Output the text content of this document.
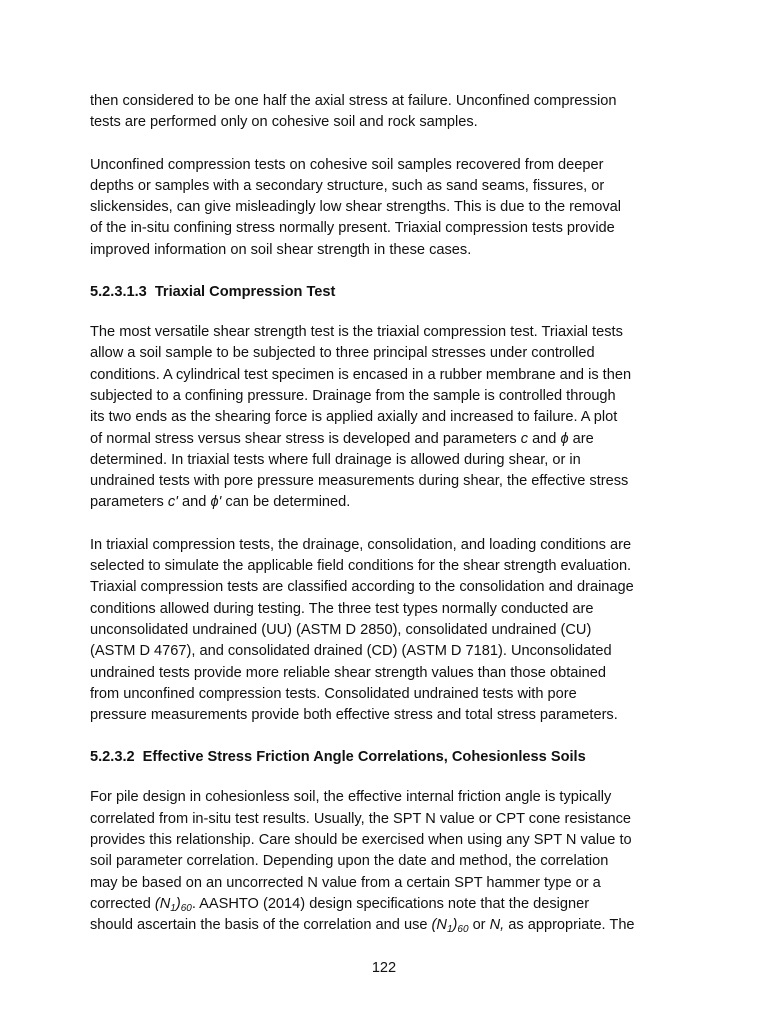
then considered to be one half the axial stress at failure. Unconfined compression
tests are performed only on cohesive soil and rock samples.

Unconfined compression tests on cohesive soil samples recovered from deeper
depths or samples with a secondary structure, such as sand seams, fissures, or
slickensides, can give misleadingly low shear strengths. This is due to the removal
of the in-situ confining stress normally present. Triaxial compression tests provide
improved information on soil shear strength in these cases.

5.2.3.1.3 Triaxial Compression Test

The most versatile shear strength test is the triaxial compression test. Triaxial tests
allow a soil sample to be subjected to three principal stresses under controlled
conditions. A cylindrical test specimen is encased in a rubber membrane and is then
subjected to a confining pressure. Drainage from the sample is controlled through
its two ends as the shearing force is applied axially and increased to failure. A plot
of normal stress versus shear stress is developed and parameters c and ϕ are
determined. In triaxial tests where full drainage is allowed during shear, or in
undrained tests with pore pressure measurements during shear, the effective stress
parameters c' and ϕ' can be determined.

In triaxial compression tests, the drainage, consolidation, and loading conditions are
selected to simulate the applicable field conditions for the shear strength evaluation.
Triaxial compression tests are classified according to the consolidation and drainage
conditions allowed during testing. The three test types normally conducted are
unconsolidated undrained (UU) (ASTM D 2850), consolidated undrained (CU)
(ASTM D 4767), and consolidated drained (CD) (ASTM D 7181). Unconsolidated
undrained tests provide more reliable shear strength values than those obtained
from unconfined compression tests. Consolidated undrained tests with pore
pressure measurements provide both effective stress and total stress parameters.

5.2.3.2 Effective Stress Friction Angle Correlations, Cohesionless Soils

For pile design in cohesionless soil, the effective internal friction angle is typically
correlated from in-situ test results. Usually, the SPT N value or CPT cone resistance
provides this relationship. Care should be exercised when using any SPT N value to
soil parameter correlation. Depending upon the date and method, the correlation
may be based on an uncorrected N value from a certain SPT hammer type or a
corrected $(N_1)_{60}$. AASHTO (2014) design specifications note that the designer
should ascertain the basis of the correlation and use $(N_1)_{60}$ or N, as appropriate. The

122
